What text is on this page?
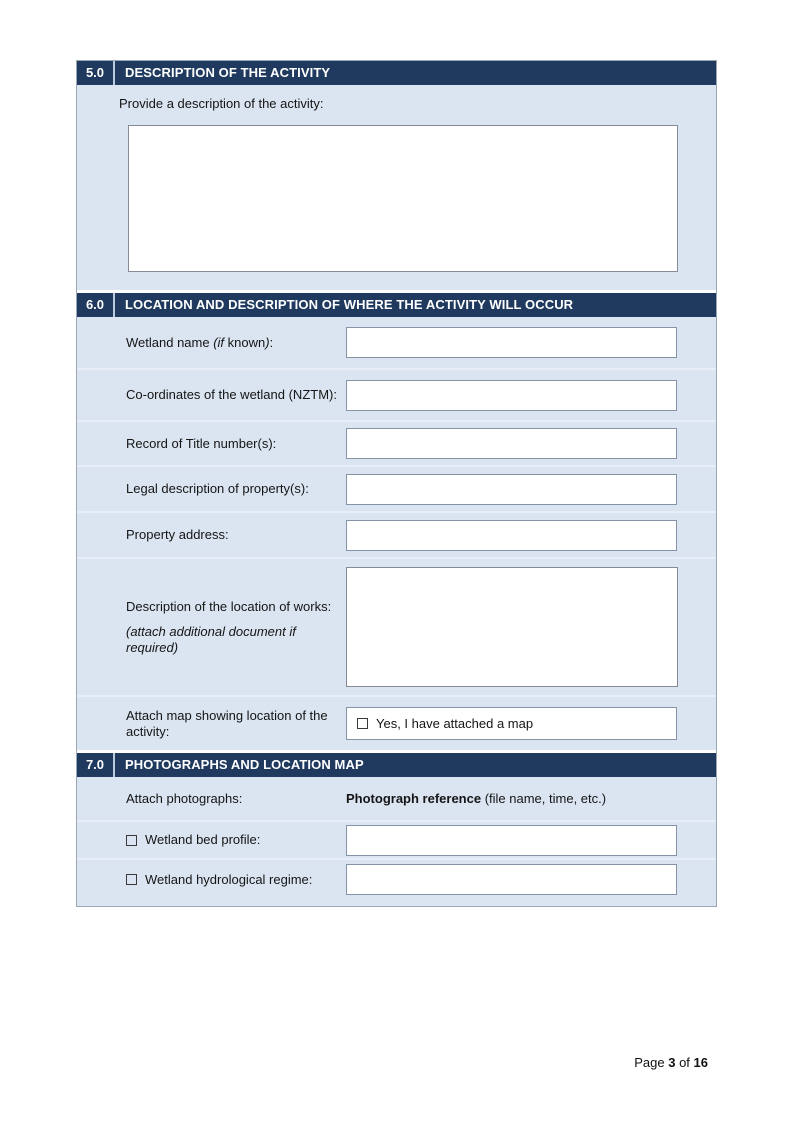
5.0	DESCRIPTION OF THE ACTIVITY
Provide a description of the activity:
6.0	LOCATION AND DESCRIPTION OF WHERE THE ACTIVITY WILL OCCUR
Wetland name (if known):
Co-ordinates of the wetland (NZTM):
Record of Title number(s):
Legal description of property(s):
Property address:
Description of the location of works:
(attach additional document if required)
Attach map showing location of the activity:
Yes, I have attached a map
7.0	PHOTOGRAPHS AND LOCATION MAP
Attach photographs:	Photograph reference (file name, time, etc.)
Wetland bed profile:
Wetland hydrological regime:
Page 3 of 16
